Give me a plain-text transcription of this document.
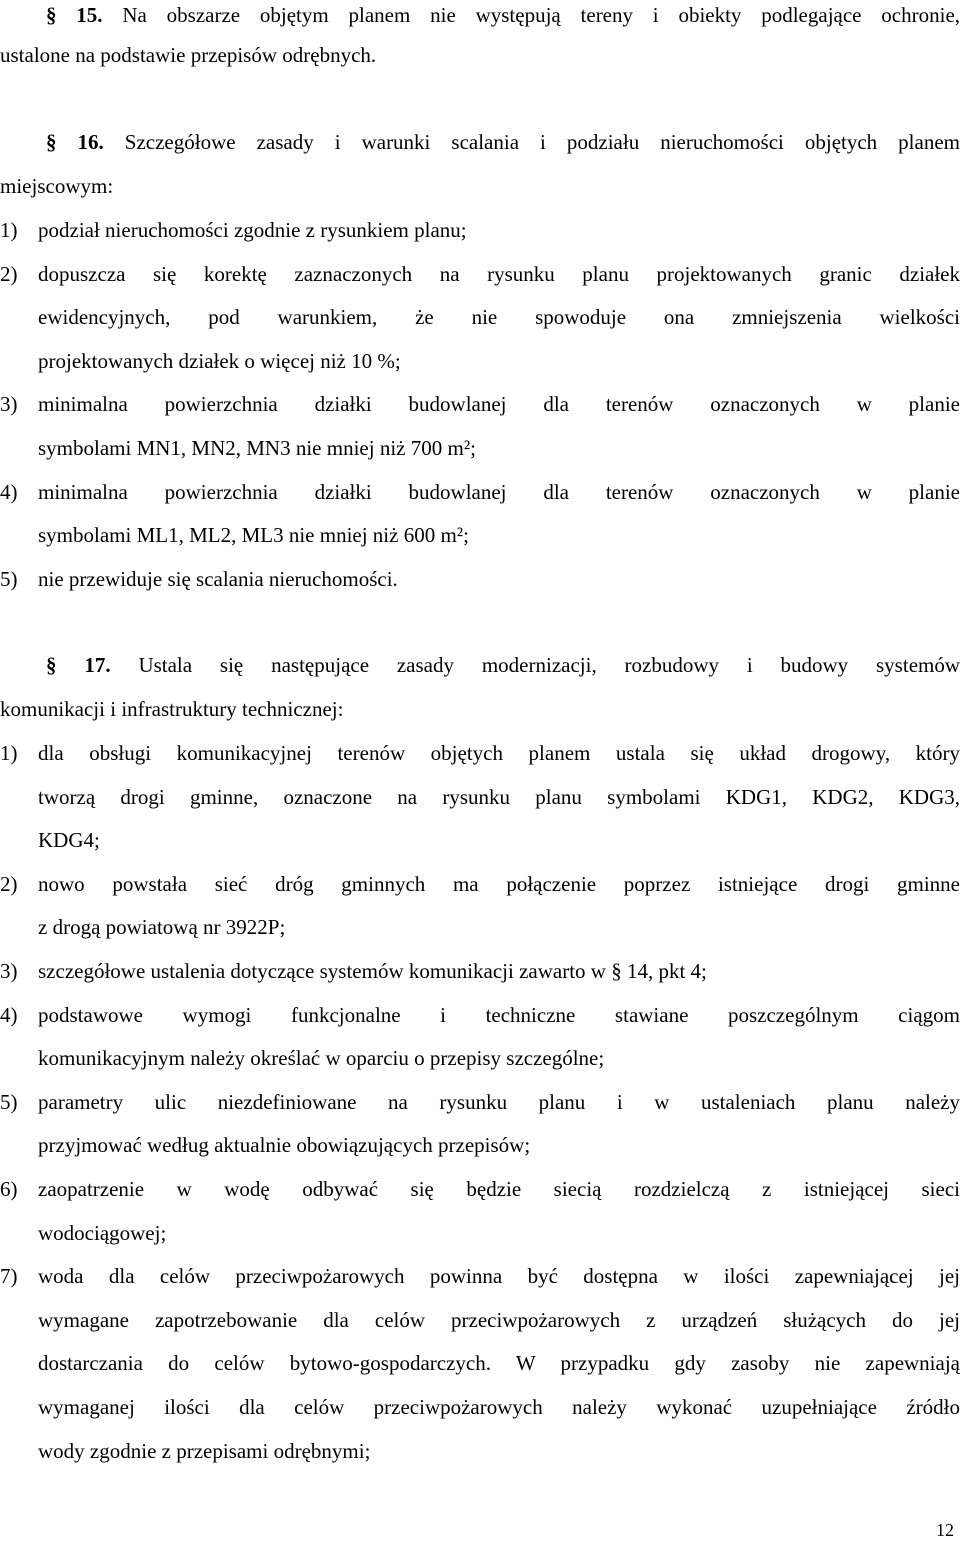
§ 15. Na obszarze objętym planem nie występują tereny i obiekty podlegające ochronie,
ustalone na podstawie przepisów odrębnych.
§ 16. Szczegółowe zasady i warunki scalania i podziału nieruchomości objętych planem
miejscowym:
1) podział nieruchomości zgodnie z rysunkiem planu;
2) dopuszcza się korektę zaznaczonych na rysunku planu projektowanych granic działek
ewidencyjnych, pod warunkiem, że nie spowoduje ona zmniejszenia wielkości
projektowanych działek o więcej niż 10 %;
3) minimalna powierzchnia działki budowlanej dla terenów oznaczonych w planie
symbolami MN1, MN2, MN3 nie mniej niż 700 m²;
4) minimalna powierzchnia działki budowlanej dla terenów oznaczonych w planie
symbolami ML1, ML2, ML3 nie mniej niż 600 m²;
5) nie przewiduje się scalania nieruchomości.
§ 17. Ustala się następujące zasady modernizacji, rozbudowy i budowy systemów
komunikacji i infrastruktury technicznej:
1) dla obsługi komunikacyjnej terenów objętych planem ustala się układ drogowy, który
tworzą drogi gminne, oznaczone na rysunku planu symbolami KDG1, KDG2, KDG3,
KDG4;
2) nowo powstała sieć dróg gminnych ma połączenie poprzez istniejące drogi gminne
z drogą powiatową nr 3922P;
3) szczegółowe ustalenia dotyczące systemów komunikacji zawarto w § 14, pkt 4;
4) podstawowe wymogi funkcjonalne i techniczne stawiane poszczególnym ciągom
komunikacyjnym należy określać w oparciu o przepisy szczególne;
5) parametry ulic niezdefiniowane na rysunku planu i w ustaleniach planu należy
przyjmować według aktualnie obowiązujących przepisów;
6) zaopatrzenie w wodę odbywać się będzie siecią rozdzielczą z istniejącej sieci
wodociągowej;
7) woda dla celów przeciwpożarowych powinna być dostępna w ilości zapewniającej jej
wymagane zapotrzebowanie dla celów przeciwpożarowych z urządzeń służących do jej
dostarczania do celów bytowo-gospodarczych. W przypadku gdy zasoby nie zapewniają
wymaganej ilości dla celów przeciwpożarowych należy wykonać uzupełniające źródło
wody zgodnie z przepisami odrębnymi;
12
